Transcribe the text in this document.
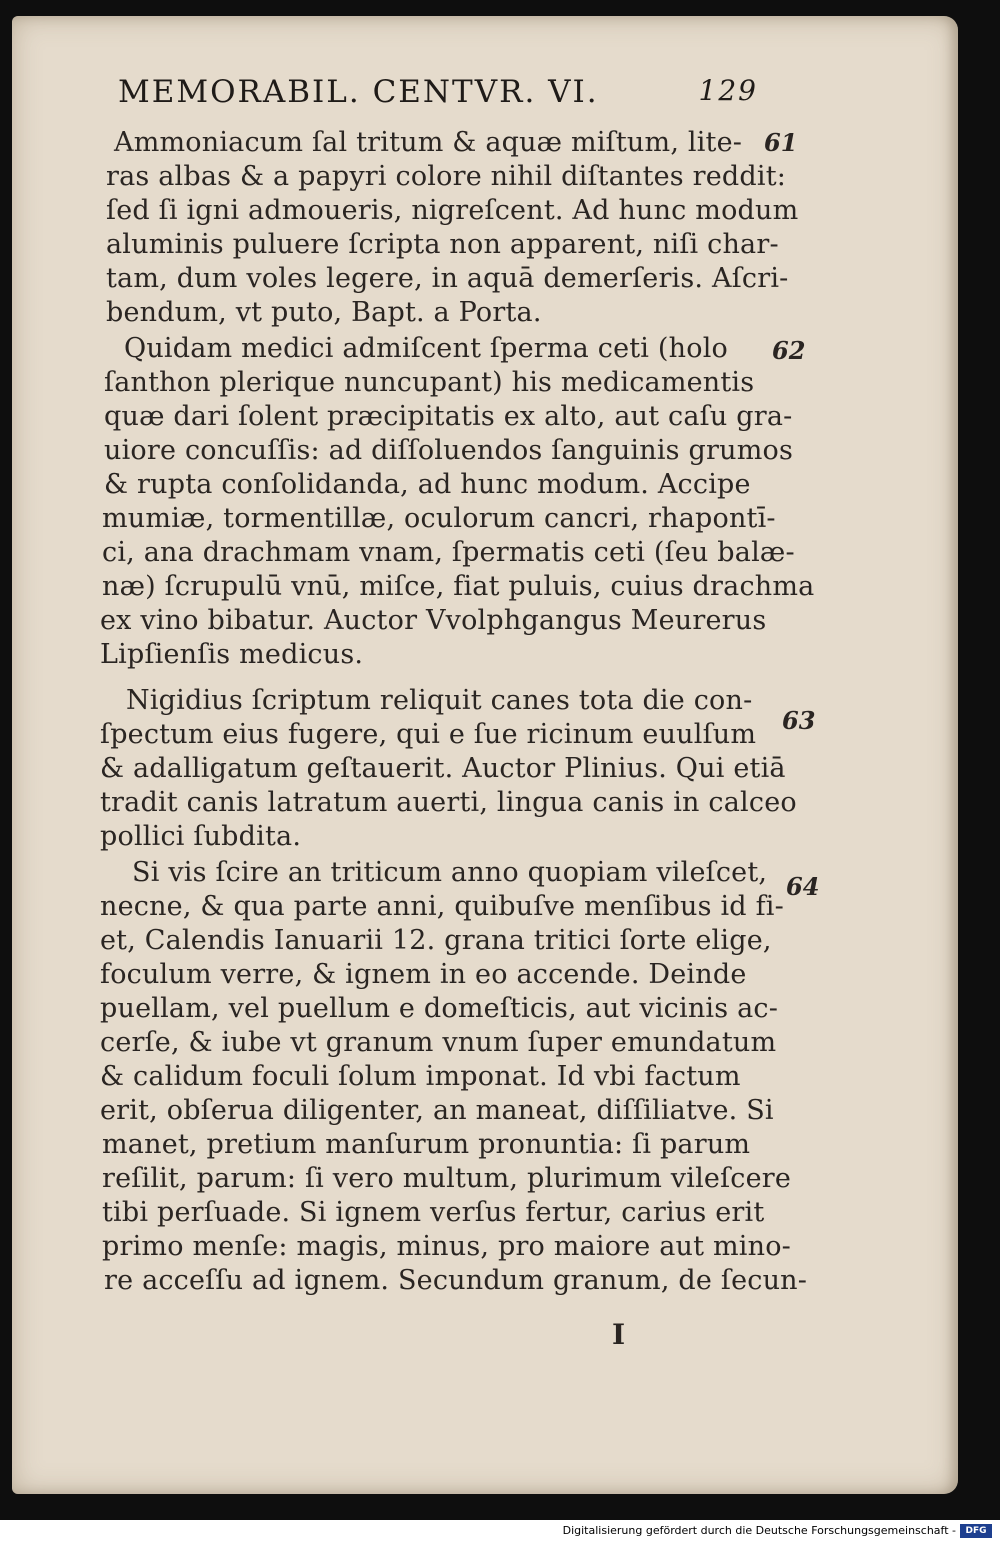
MEMORABIL. CENTVR. VI.	129
Ammoniacum ſal tritum & aquæ miſtum, lite-
ras albas & a papyri colore nihil diſtantes reddit:
ſed ſi igni admoueris, nigreſcent. Ad hunc modum
aluminis puluere ſcripta non apparent, niſi char-
tam, dum voles legere, in aquā demerſeris. Aſcri-
bendum, vt puto, Bapt. a Porta.
Quidam medici admiſcent ſperma ceti (holo
ſanthon plerique nuncupant) his medicamentis
quæ dari ſolent præcipitatis ex alto, aut caſu gra-
uiore concuſſis: ad diſſoluendos ſanguinis grumos
& rupta conſolidanda, ad hunc modum. Accipe
mumiæ, tormentillæ, oculorum cancri, rhapontī-
ci, ana drachmam vnam, ſpermatis ceti (ſeu balæ-
næ) ſcrupulū vnū, miſce, fiat puluis, cuius drachma
ex vino bibatur. Auctor Vvolphgangus Meurerus
Lipſienſis medicus.
Nigidius ſcriptum reliquit canes tota die con-
ſpectum eius fugere, qui e ſue ricinum euulſum
& adalligatum geſtauerit. Auctor Plinius. Qui etiā
tradit canis latratum auerti, lingua canis in calceo
pollici ſubdita.
Si vis ſcire an triticum anno quopiam vileſcet,
necne, & qua parte anni, quibuſve menſibus id fi-
et, Calendis Ianuarii 12. grana tritici ſorte elige,
foculum verre, & ignem in eo accende. Deinde
puellam, vel puellum e domeſticis, aut vicinis ac-
cerſe, & iube vt granum vnum ſuper emundatum
& calidum foculi ſolum imponat. Id vbi factum
erit, obſerua diligenter, an maneat, diſſiliatve. Si
manet, pretium manſurum pronuntia: ſi parum
reſilit, parum: ſi vero multum, plurimum vileſcere
tibi perſuade. Si ignem verſus fertur, carius erit
primo menſe: magis, minus, pro maiore aut mino-
re acceſſu ad ignem. Secundum granum, de ſecun-
61
62
63
64
I
Digitalisierung gefördert durch die Deutsche Forschungsgemeinschaft -	DFG
